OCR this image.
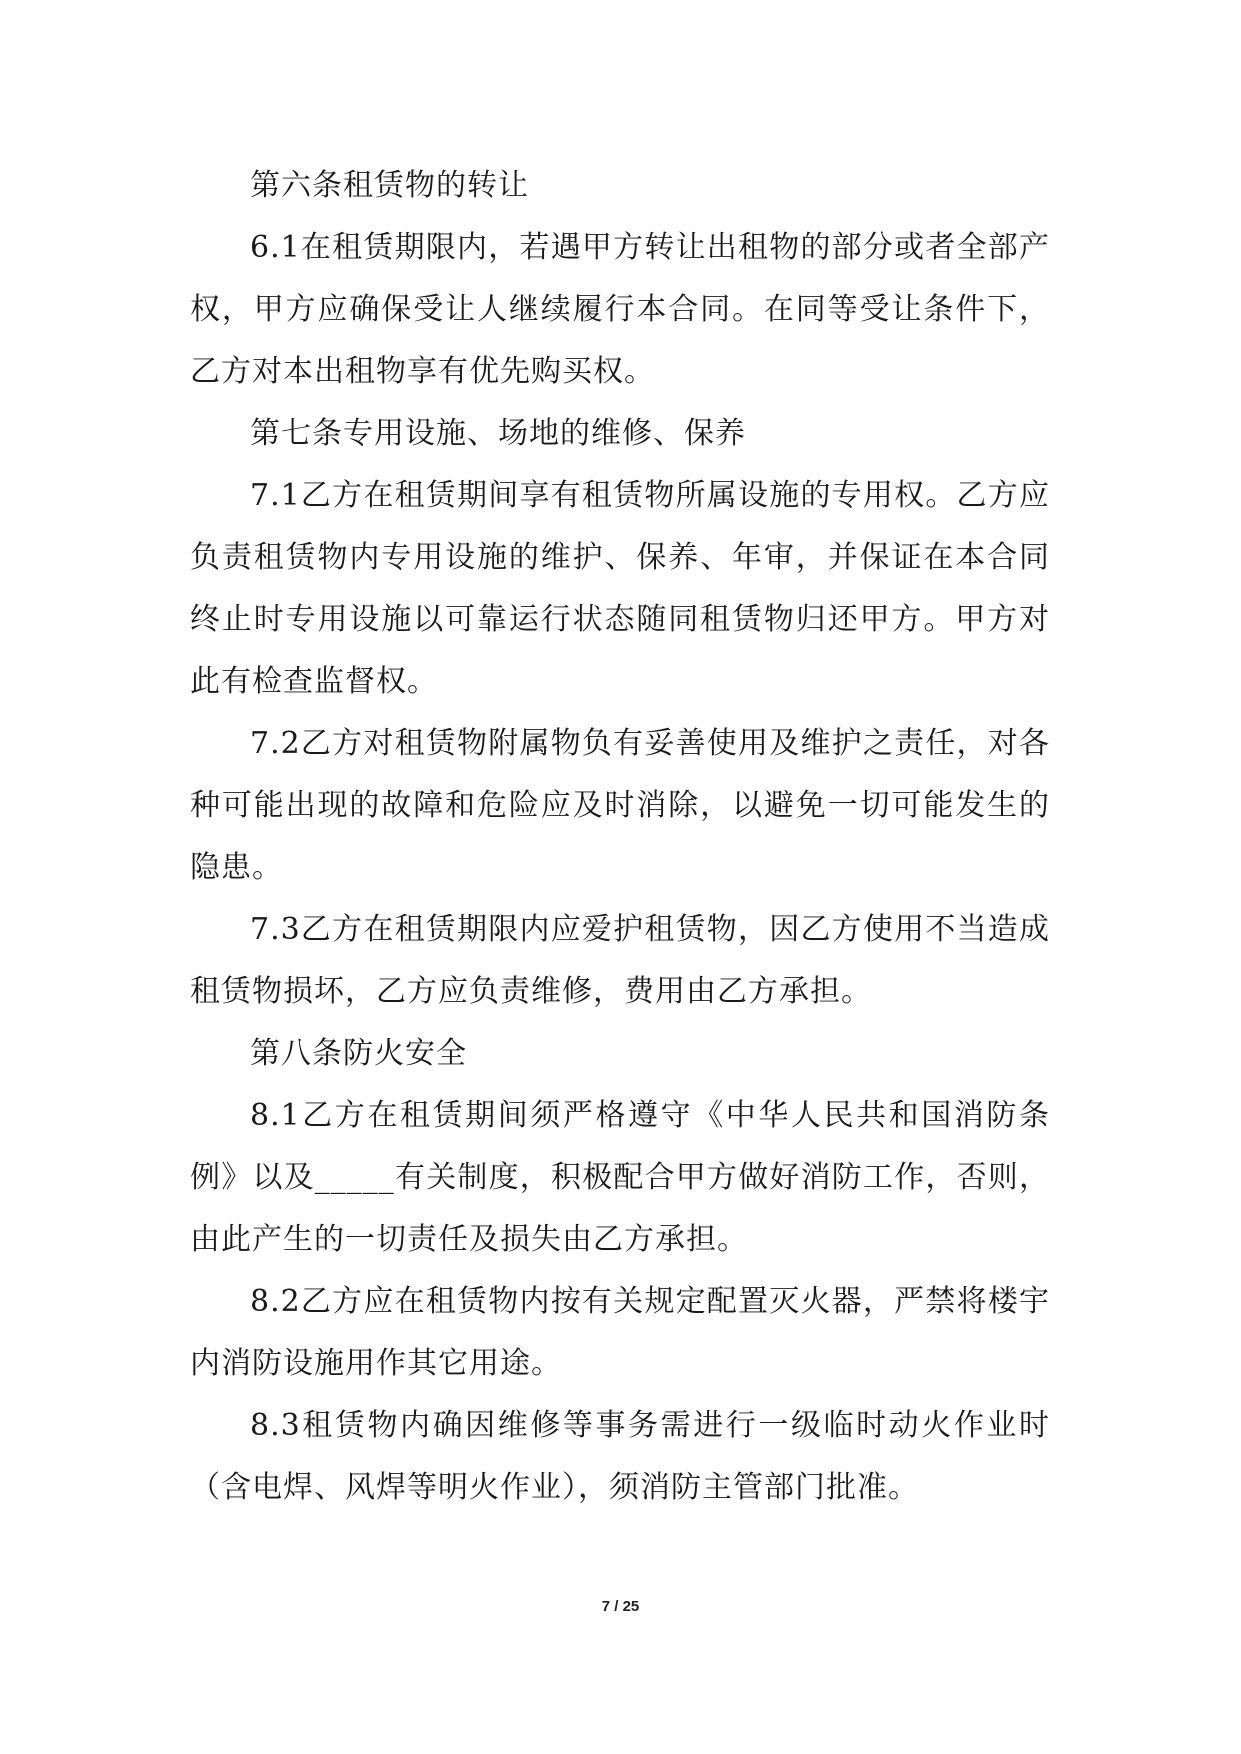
第六条租赁物的转让

6.1在租赁期限内，若遇甲方转让出租物的部分或者全部产权，甲方应确保受让人继续履行本合同。在同等受让条件下，乙方对本出租物享有优先购买权。

第七条专用设施、场地的维修、保养

7.1乙方在租赁期间享有租赁物所属设施的专用权。乙方应负责租赁物内专用设施的维护、保养、年审，并保证在本合同终止时专用设施以可靠运行状态随同租赁物归还甲方。甲方对此有检查监督权。

7.2乙方对租赁物附属物负有妥善使用及维护之责任，对各种可能出现的故障和危险应及时消除，以避免一切可能发生的隐患。

7.3乙方在租赁期限内应爱护租赁物，因乙方使用不当造成租赁物损坏，乙方应负责维修，费用由乙方承担。

第八条防火安全

8.1乙方在租赁期间须严格遵守《中华人民共和国消防条例》以及_____有关制度，积极配合甲方做好消防工作，否则，由此产生的一切责任及损失由乙方承担。

8.2乙方应在租赁物内按有关规定配置灭火器，严禁将楼宇内消防设施用作其它用途。

8.3租赁物内确因维修等事务需进行一级临时动火作业时（含电焊、风焊等明火作业），须消防主管部门批准。

7 / 25
